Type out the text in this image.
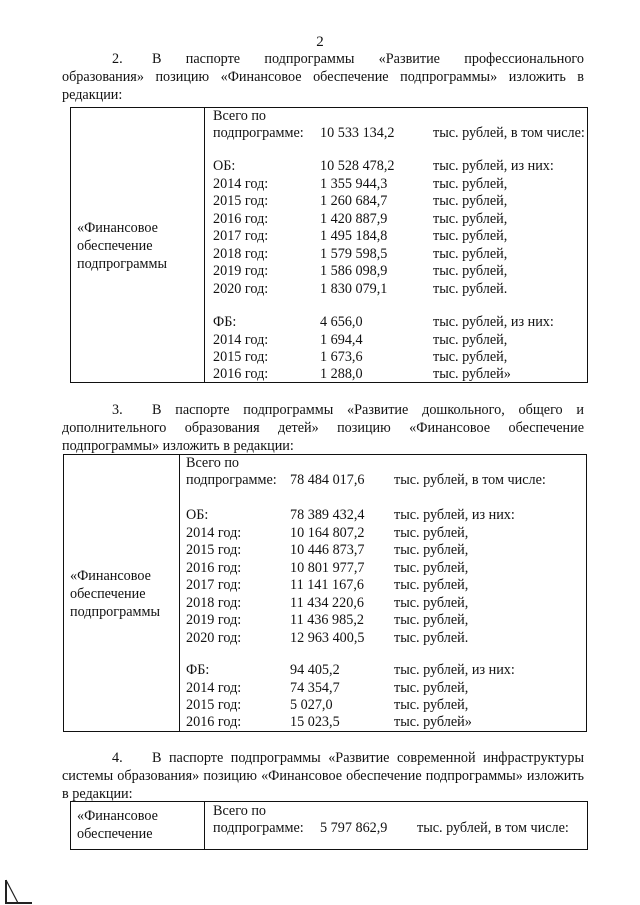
2
2. В паспорте подпрограммы «Развитие профессионального образования» позицию «Финансовое обеспечение подпрограммы» изложить в редакции:
«Финансовое
обеспечение
подпрограммы
Всего по
подпрограмме: 10 533 134,2	тыс. рублей, в том числе:
ОБ:	10 528 478,2	тыс. рублей, из них:
2014 год:	1 355 944,3	тыс. рублей,
2015 год:	1 260 684,7	тыс. рублей,
2016 год:	1 420 887,9	тыс. рублей,
2017 год:	1 495 184,8	тыс. рублей,
2018 год:	1 579 598,5	тыс. рублей,
2019 год:	1 586 098,9	тыс. рублей,
2020 год:	1 830 079,1	тыс. рублей.
ФБ:	4 656,0	тыс. рублей, из них:
2014 год:	1 694,4	тыс. рублей,
2015 год:	1 673,6	тыс. рублей,
2016 год:	1 288,0	тыс. рублей»
3. В паспорте подпрограммы «Развитие дошкольного, общего и дополнительного образования детей» позицию «Финансовое обеспечение подпрограммы» изложить в редакции:
«Финансовое
обеспечение
подпрограммы
Всего по
подпрограмме: 78 484 017,6 тыс. рублей, в том числе:
ОБ:	78 389 432,4 тыс. рублей, из них:
2014 год:	10 164 807,2 тыс. рублей,
2015 год:	10 446 873,7 тыс. рублей,
2016 год:	10 801 977,7 тыс. рублей,
2017 год:	11 141 167,6 тыс. рублей,
2018 год:	11 434 220,6 тыс. рублей,
2019 год:	11 436 985,2 тыс. рублей,
2020 год:	12 963 400,5 тыс. рублей.
ФБ:	94 405,2	тыс. рублей, из них:
2014 год:	74 354,7	тыс. рублей,
2015 год:	5 027,0	тыс. рублей,
2016 год:	15 023,5	тыс. рублей»
4. В паспорте подпрограммы «Развитие современной инфраструктуры системы образования» позицию «Финансовое обеспечение подпрограммы» изложить в редакции:
«Финансовое
обеспечение
Всего по
подпрограмме: 5 797 862,9 тыс. рублей, в том числе:
